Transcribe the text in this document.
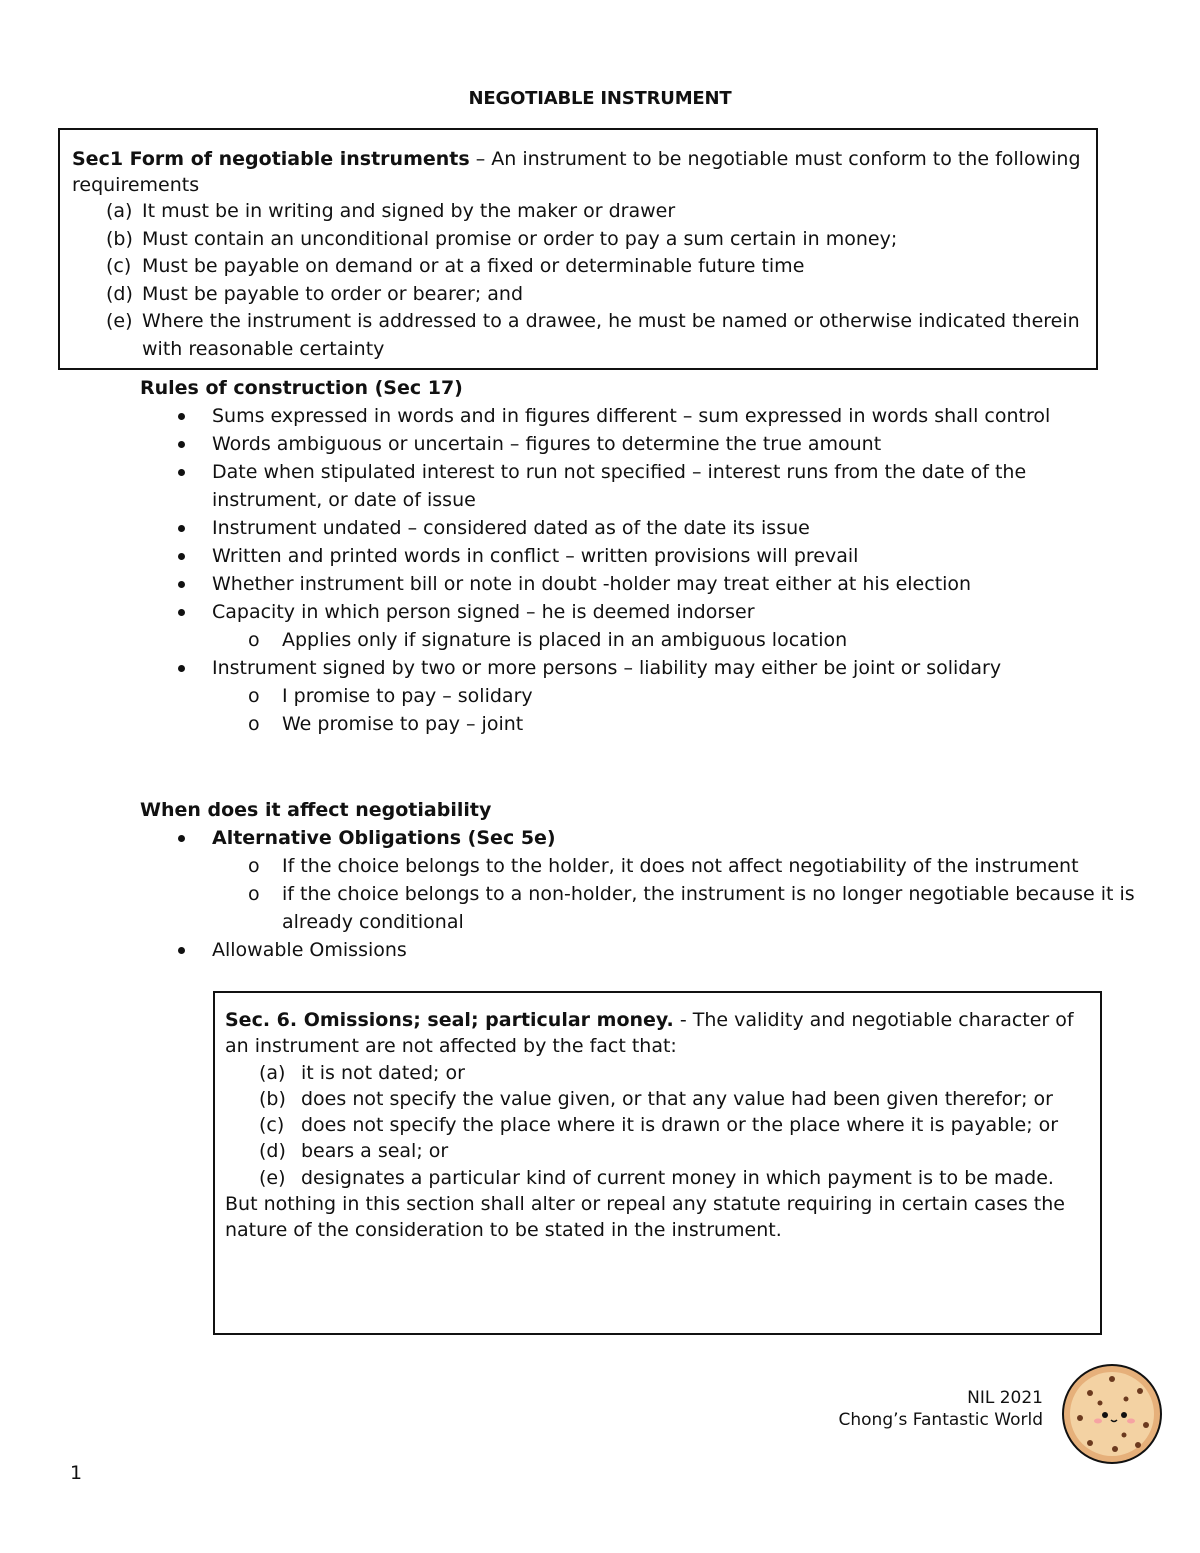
NEGOTIABLE INSTRUMENT
Sec1 Form of negotiable instruments – An instrument to be negotiable must conform to the following requirements
(a) It must be in writing and signed by the maker or drawer
(b) Must contain an unconditional promise or order to pay a sum certain in money;
(c) Must be payable on demand or at a fixed or determinable future time
(d) Must be payable to order or bearer; and
(e) Where the instrument is addressed to a drawee, he must be named or otherwise indicated therein with reasonable certainty
Rules of construction (Sec 17)
Sums expressed in words and in figures different – sum expressed in words shall control
Words ambiguous or uncertain – figures to determine the true amount
Date when stipulated interest to run not specified – interest runs from the date of the instrument, or date of issue
Instrument undated – considered dated as of the date its issue
Written and printed words in conflict – written provisions will prevail
Whether instrument bill or note in doubt -holder may treat either at his election
Capacity in which person signed – he is deemed indorser
o Applies only if signature is placed in an ambiguous location
Instrument signed by two or more persons – liability may either be joint or solidary
o I promise to pay – solidary
o We promise to pay – joint
When does it affect negotiability
Alternative Obligations (Sec 5e)
o If the choice belongs to the holder, it does not affect negotiability of the instrument
o if the choice belongs to a non-holder, the instrument is no longer negotiable because it is already conditional
Allowable Omissions
Sec. 6. Omissions; seal; particular money. - The validity and negotiable character of an instrument are not affected by the fact that:
(a) it is not dated; or
(b) does not specify the value given, or that any value had been given therefor; or
(c) does not specify the place where it is drawn or the place where it is payable; or
(d) bears a seal; or
(e) designates a particular kind of current money in which payment is to be made.
But nothing in this section shall alter or repeal any statute requiring in certain cases the nature of the consideration to be stated in the instrument.
NIL 2021
Chong’s Fantastic World
1
